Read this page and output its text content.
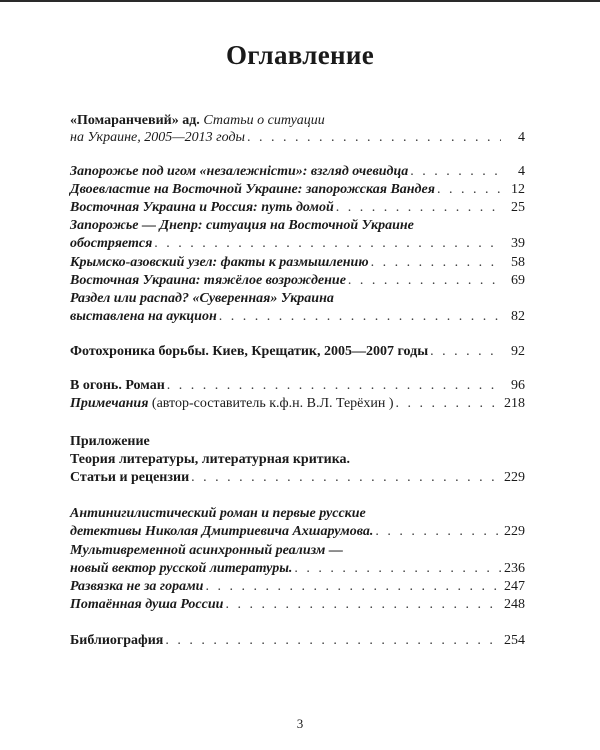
Оглавление
«Помаранчевий» ад. Статьи о ситуации
на Украине, 2005—2013 годы . . .	4
Запорожье под игом «незалежністи»: взгляд очевидца . . .	4
Двоевластие на Восточной Украине: запорожская Вандея . . .	12
Восточная Украина и Россия: путь домой . . .	25
Запорожье — Днепр: ситуация на Восточной Украине
обостряется . . .	39
Крымско-азовский узел: факты к размышлению . . .	58
Восточная Украина: тяжёлое возрождение . . .	69
Раздел или распад? «Суверенная» Украина
выставлена на аукцион . . .	82
Фотохроника борьбы. Киев, Крещатик, 2005—2007 годы . . .	92
В огонь. Роман . . .	96
Примечания (автор-составитель к.ф.н. В.Л. Терёхин ) . . .	218
Приложение
Теория литературы, литературная критика.
Статьи и рецензии . . .	229
Антинигилистический роман и первые русские
детективы Николая Дмитриевича Ахшарумова. . . .	229
Мультивременной асинхронный реализм —
новый вектор русской литературы. . . .	236
Развязка не за горами . . .	247
Потаённая душа России . . .	248
Библиография . . .	254
3
